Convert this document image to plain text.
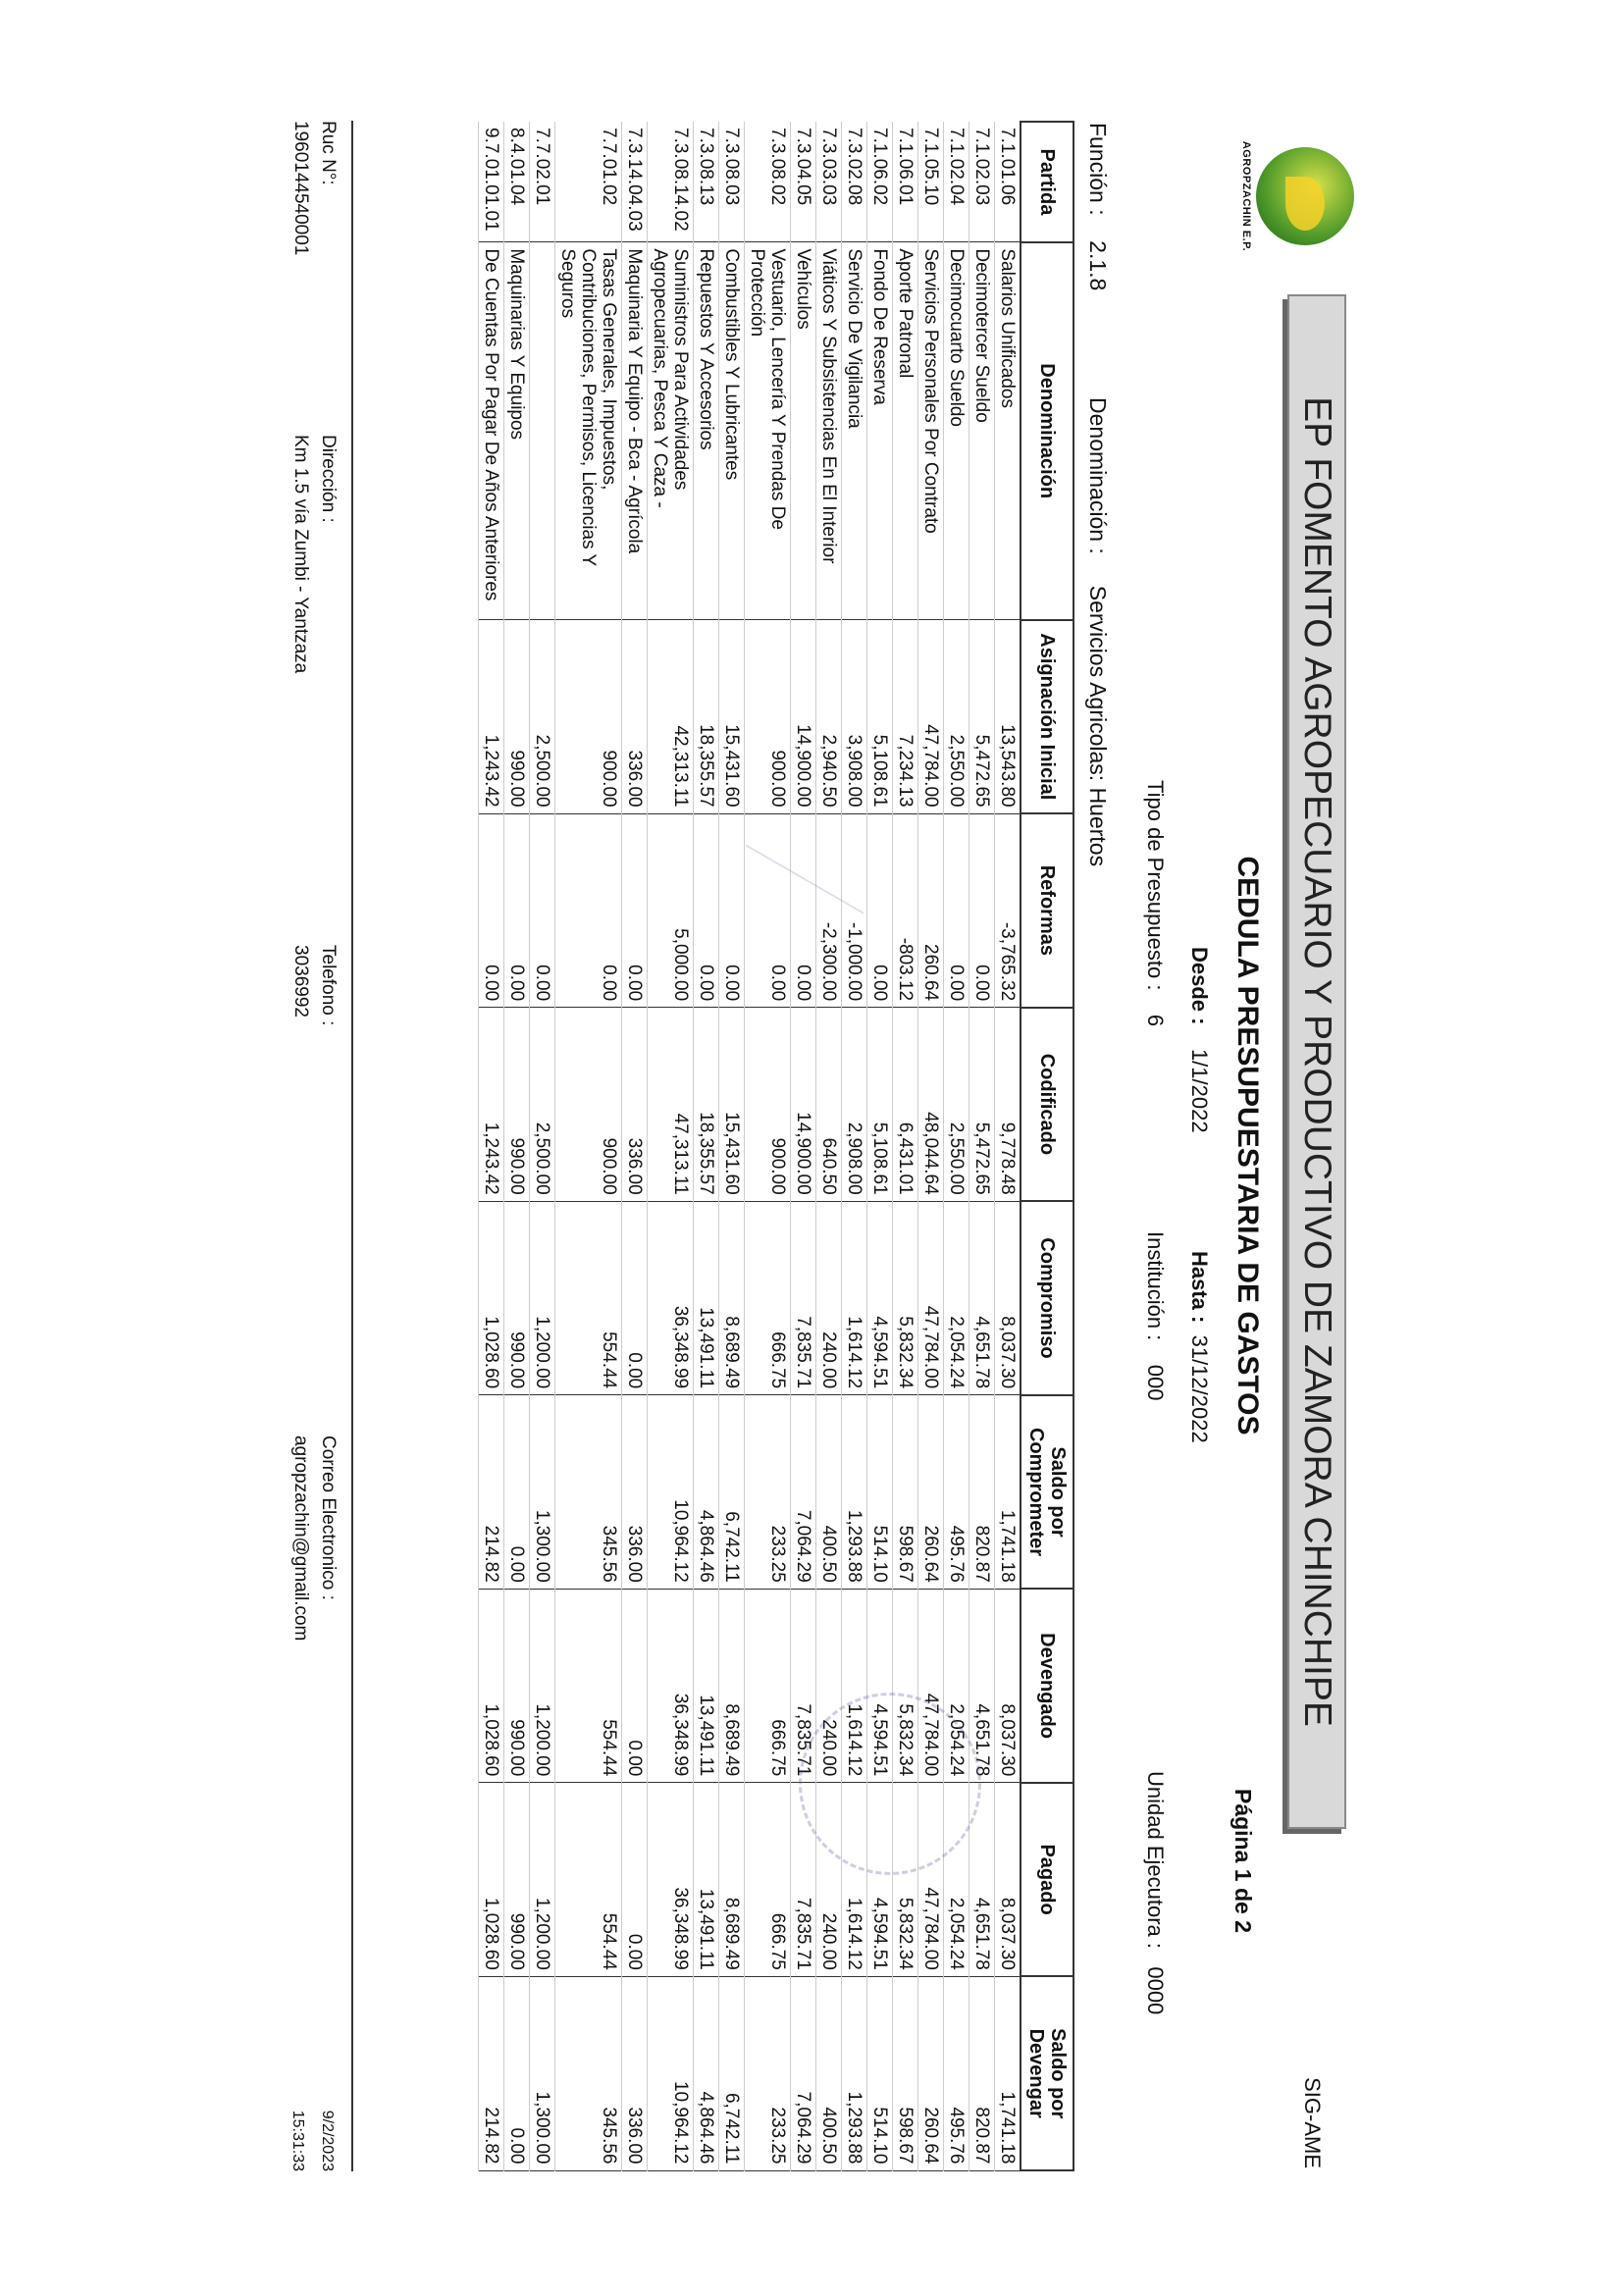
AGROPZACHIN E.P.
SIG-AME
EP FOMENTO AGROPECUARIO Y PRODUCTIVO DE ZAMORA CHINCHIPE
CEDULA PRESUPUESTARIA DE GASTOS
Página 1 de 2
Desde :    1/1/2022
Hasta :  31/12/2022
Tipo de Presupuesto :    6
Institución :    000
Unidad Ejecutora :   0000
Función :    2.1.8
Denominación :     Servicios Agricolas: Huertos
Partida	Denominación	Asignación Inicial	Reformas	Codificado	Compromiso	Saldo por Comprometer	Devengado	Pagado	Saldo por Devengar
7.1.01.06	Salarios Unificados	13,543.80	-3,765.32	9,778.48	8,037.30	1,741.18	8,037.30	8,037.30	1,741.18
7.1.02.03	Decimotercer Sueldo	5,472.65	0.00	5,472.65	4,651.78	820.87	4,651.78	4,651.78	820.87
7.1.02.04	Decimocuarto Sueldo	2,550.00	0.00	2,550.00	2,054.24	495.76	2,054.24	2,054.24	495.76
7.1.05.10	Servicios Personales Por Contrato	47,784.00	260.64	48,044.64	47,784.00	260.64	47,784.00	47,784.00	260.64
7.1.06.01	Aporte Patronal	7,234.13	-803.12	6,431.01	5,832.34	598.67	5,832.34	5,832.34	598.67
7.1.06.02	Fondo De Reserva	5,108.61	0.00	5,108.61	4,594.51	514.10	4,594.51	4,594.51	514.10
7.3.02.08	Servicio De Vigilancia	3,908.00	-1,000.00	2,908.00	1,614.12	1,293.88	1,614.12	1,614.12	1,293.88
7.3.03.03	Viáticos Y Subsistencias En El Interior	2,940.50	-2,300.00	640.50	240.00	400.50	240.00	240.00	400.50
7.3.04.05	Vehículos	14,900.00	0.00	14,900.00	7,835.71	7,064.29	7,835.71	7,835.71	7,064.29
7.3.08.02	Vestuario, Lencería Y Prendas De Protección	900.00	0.00	900.00	666.75	233.25	666.75	666.75	233.25
7.3.08.03	Combustibles Y Lubricantes	15,431.60	0.00	15,431.60	8,689.49	6,742.11	8,689.49	8,689.49	6,742.11
7.3.08.13	Repuestos Y Accesorios	18,355.57	0.00	18,355.57	13,491.11	4,864.46	13,491.11	13,491.11	4,864.46
7.3.08.14.02	Suministros Para Actividades Agropecuarias, Pesca Y Caza -	42,313.11	5,000.00	47,313.11	36,348.99	10,964.12	36,348.99	36,348.99	10,964.12
7.3.14.04.03	Maquinaria Y Equipo - Bca - Agrícola	336.00	0.00	336.00	0.00	336.00	0.00	0.00	336.00
7.7.01.02	Tasas Generales, Impuestos, Contribuciones, Permisos, Licencias Y Seguros	900.00	0.00	900.00	554.44	345.56	554.44	554.44	345.56
7.7.02.01		2,500.00	0.00	2,500.00	1,200.00	1,300.00	1,200.00	1,200.00	1,300.00
8.4.01.04	Maquinarias Y Equipos	990.00	0.00	990.00	990.00	0.00	990.00	990.00	0.00
9.7.01.01.01	De Cuentas Por Pagar De Años Anteriores	1,243.42	0.00	1,243.42	1,028.60	214.82	1,028.60	1,028.60	214.82
Ruc N°:
1960144540001
Dirección :
Km 1.5 vía Zumbi - Yantzaza
Telefono :
3036992
Correo Electronico :
agropzachin@gmail.com
9/2/2023
15:31:33
